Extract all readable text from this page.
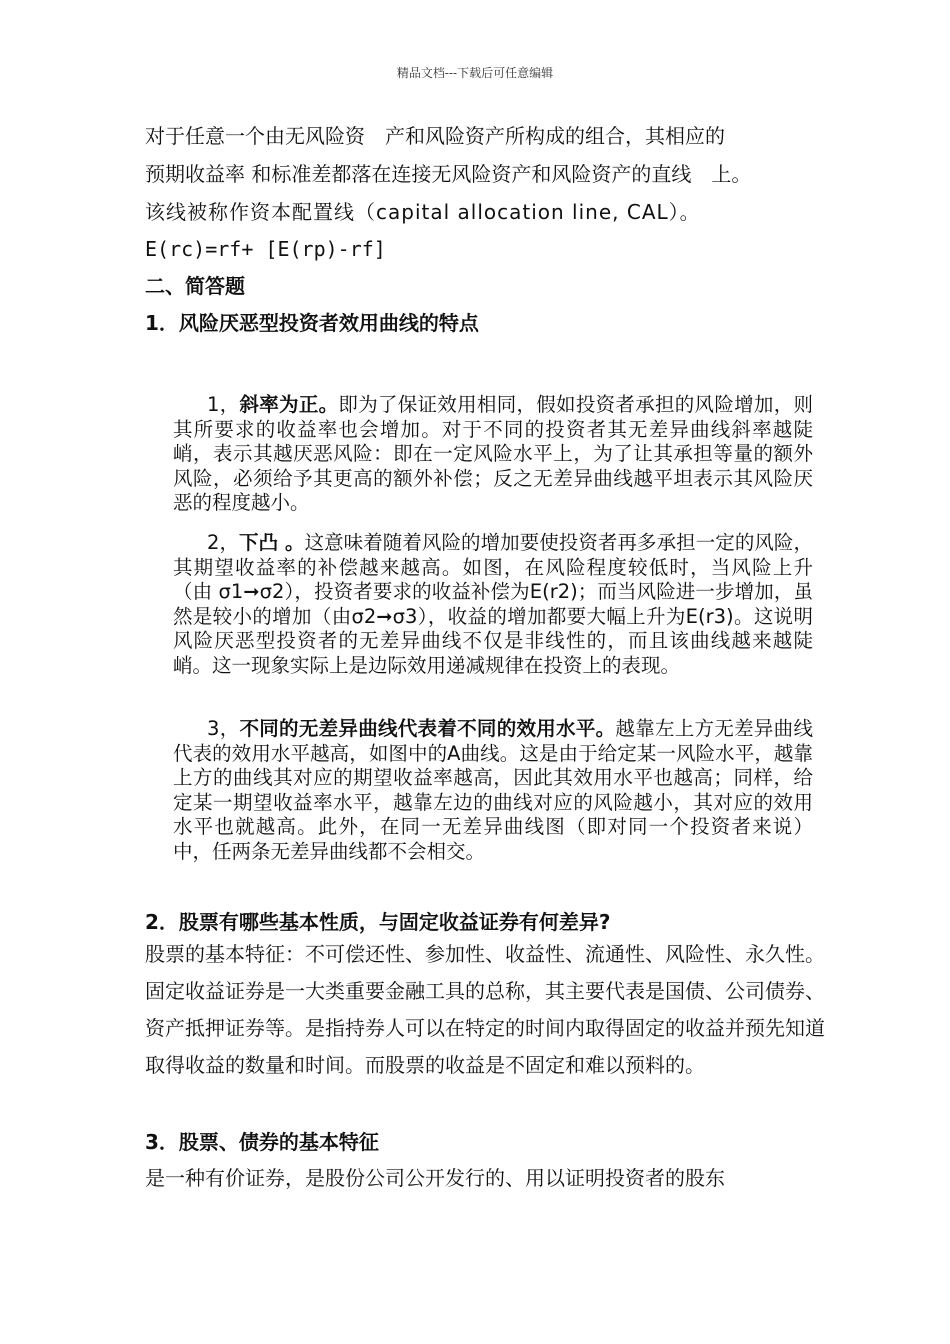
精品文档---下载后可任意编辑
对于任意一个由无风险资　产和风险资产所构成的组合，其相应的
预期收益率 和标准差都落在连接无风险资产和风险资产的直线　上。
该线被称作资本配置线（capital allocation line, CAL）。
E(rc)=rf+ [E(rp)-rf]
二、简答题
1．风险厌恶型投资者效用曲线的特点

1，斜率为正。即为了保证效用相同，假如投资者承担的风险增加，则其所要求的收益率也会增加。对于不同的投资者其无差异曲线斜率越陡峭，表示其越厌恶风险：即在一定风险水平上，为了让其承担等量的额外风险，必须给予其更高的额外补偿；反之无差异曲线越平坦表示其风险厌恶的程度越小。

2，下凸 。这意味着随着风险的增加要使投资者再多承担一定的风险，其期望收益率的补偿越来越高。如图，在风险程度较低时，当风险上升（由 σ1➞σ2），投资者要求的收益补偿为E(r2)；而当风险进一步增加，虽然是较小的增加（由σ2➞σ3），收益的增加都要大幅上升为E(r3)。这说明风险厌恶型投资者的无差异曲线不仅是非线性的，而且该曲线越来越陡峭。这一现象实际上是边际效用递减规律在投资上的表现。

3，不同的无差异曲线代表着不同的效用水平。越靠左上方无差异曲线代表的效用水平越高，如图中的A曲线。这是由于给定某一风险水平，越靠上方的曲线其对应的期望收益率越高，因此其效用水平也越高；同样，给定某一期望收益率水平，越靠左边的曲线对应的风险越小，其对应的效用水平也就越高。此外，在同一无差异曲线图（即对同一个投资者来说）中，任两条无差异曲线都不会相交。

2．股票有哪些基本性质，与固定收益证券有何差异?

股票的基本特征：不可偿还性、参加性、收益性、流通性、风险性、永久性。固定收益证券是一大类重要金融工具的总称，其主要代表是国债、公司债券、资产抵押证券等。是指持券人可以在特定的时间内取得固定的收益并预先知道取得收益的数量和时间。而股票的收益是不固定和难以预料的。

3．股票、债券的基本特征
是一种有价证券，是股份公司公开发行的、用以证明投资者的股东
